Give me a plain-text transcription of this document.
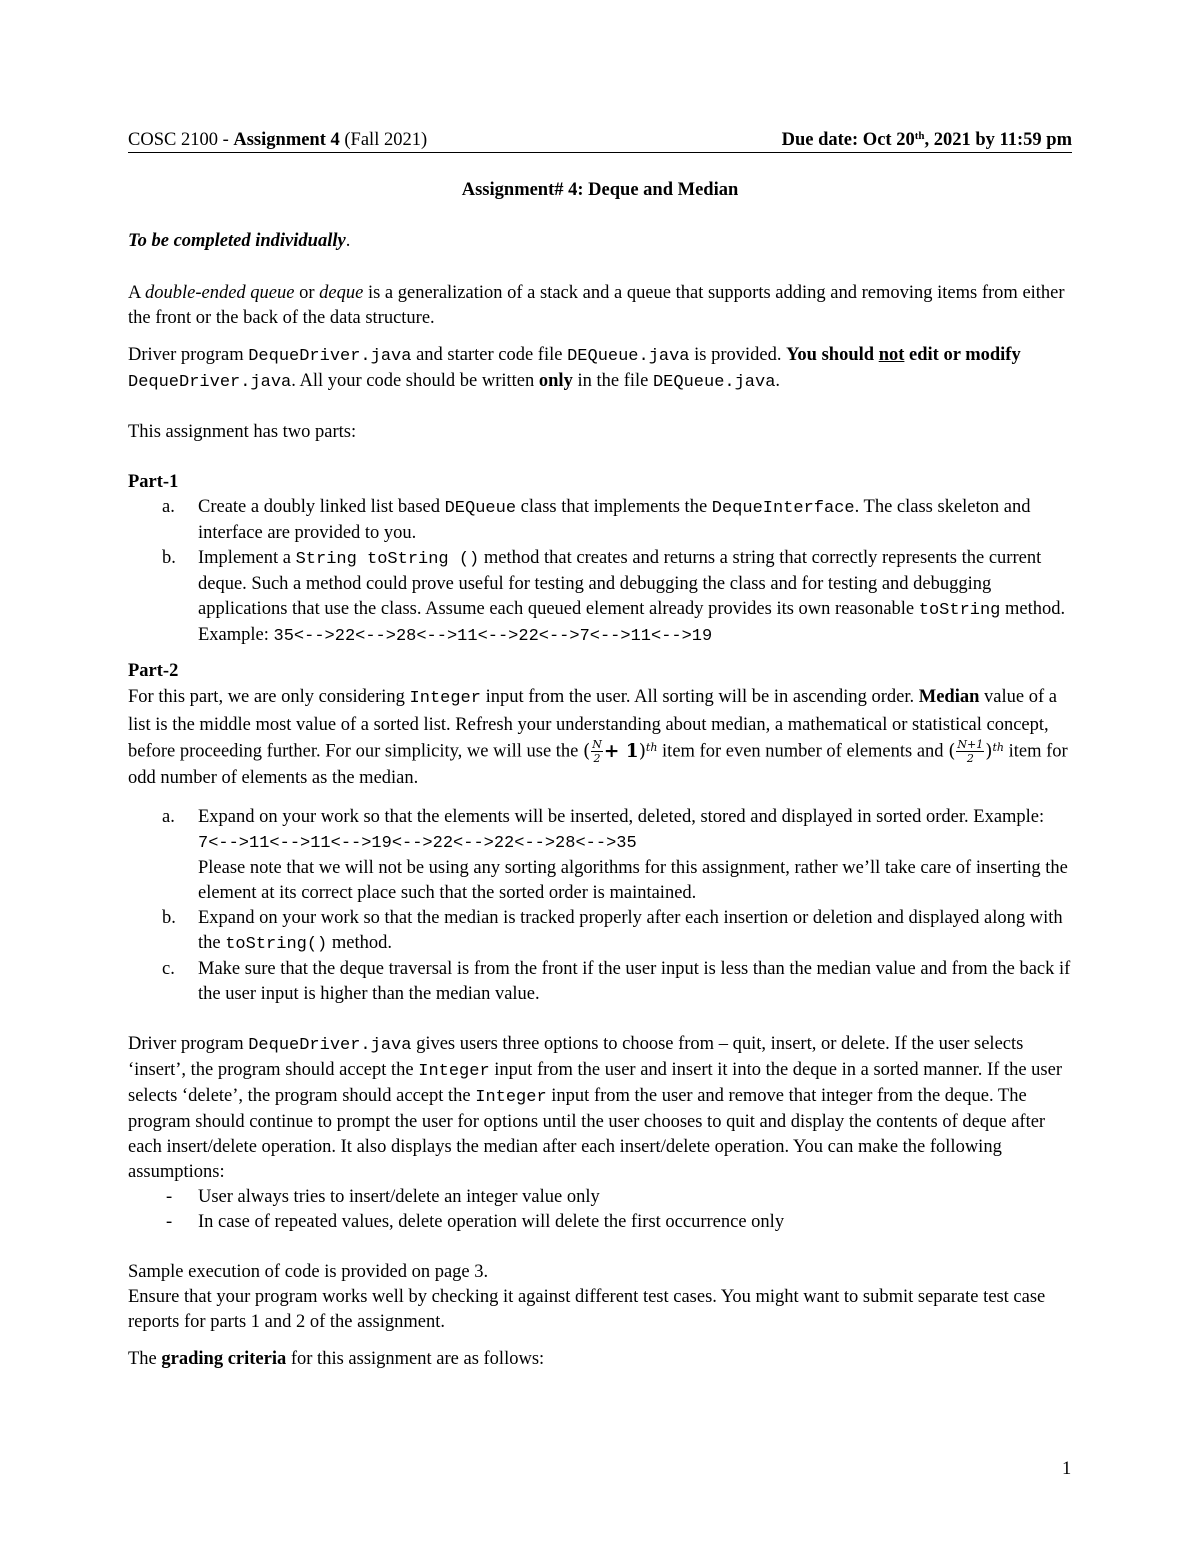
COSC 2100 - Assignment 4 (Fall 2021)	Due date: Oct 20th, 2021 by 11:59 pm

Assignment# 4: Deque and Median

To be completed individually.

A double-ended queue or deque is a generalization of a stack and a queue that supports adding and removing items from either the front or the back of the data structure.

Driver program DequeDriver.java and starter code file DEQueue.java is provided. You should not edit or modify DequeDriver.java. All your code should be written only in the file DEQueue.java.

This assignment has two parts:

Part-1

a. Create a doubly linked list based DEQueue class that implements the DequeInterface. The class skeleton and interface are provided to you.
b. Implement a String toString () method that creates and returns a string that correctly represents the current deque. Such a method could prove useful for testing and debugging the class and for testing and debugging applications that use the class. Assume each queued element already provides its own reasonable toString method.
Example: 35<-->22<-->28<-->11<-->22<-->7<-->11<-->19

Part-2

For this part, we are only considering Integer input from the user. All sorting will be in ascending order. Median value of a list is the middle most value of a sorted list. Refresh your understanding about median, a mathematical or statistical concept, before proceeding further. For our simplicity, we will use the ( $\frac{N}{2} + 1)^{th}$ item for even number of elements and ( $\frac{N+1}{2} )^{th}$ item for odd number of elements as the median.

a. Expand on your work so that the elements will be inserted, deleted, stored and displayed in sorted order. Example: 7<-->11<-->11<-->19<-->22<-->22<-->28<-->35
Please note that we will not be using any sorting algorithms for this assignment, rather we’ll take care of inserting the element at its correct place such that the sorted order is maintained.
b. Expand on your work so that the median is tracked properly after each insertion or deletion and displayed along with the toString() method.
c. Make sure that the deque traversal is from the front if the user input is less than the median value and from the back if the user input is higher than the median value.

Driver program DequeDriver.java gives users three options to choose from – quit, insert, or delete. If the user selects ‘insert’, the program should accept the Integer input from the user and insert it into the deque in a sorted manner. If the user selects ‘delete’, the program should accept the Integer input from the user and remove that integer from the deque. The program should continue to prompt the user for options until the user chooses to quit and display the contents of deque after each insert/delete operation. It also displays the median after each insert/delete operation. You can make the following assumptions:

- User always tries to insert/delete an integer value only
- In case of repeated values, delete operation will delete the first occurrence only

Sample execution of code is provided on page 3.

Ensure that your program works well by checking it against different test cases. You might want to submit separate test case reports for parts 1 and 2 of the assignment.

The grading criteria for this assignment are as follows:

1
